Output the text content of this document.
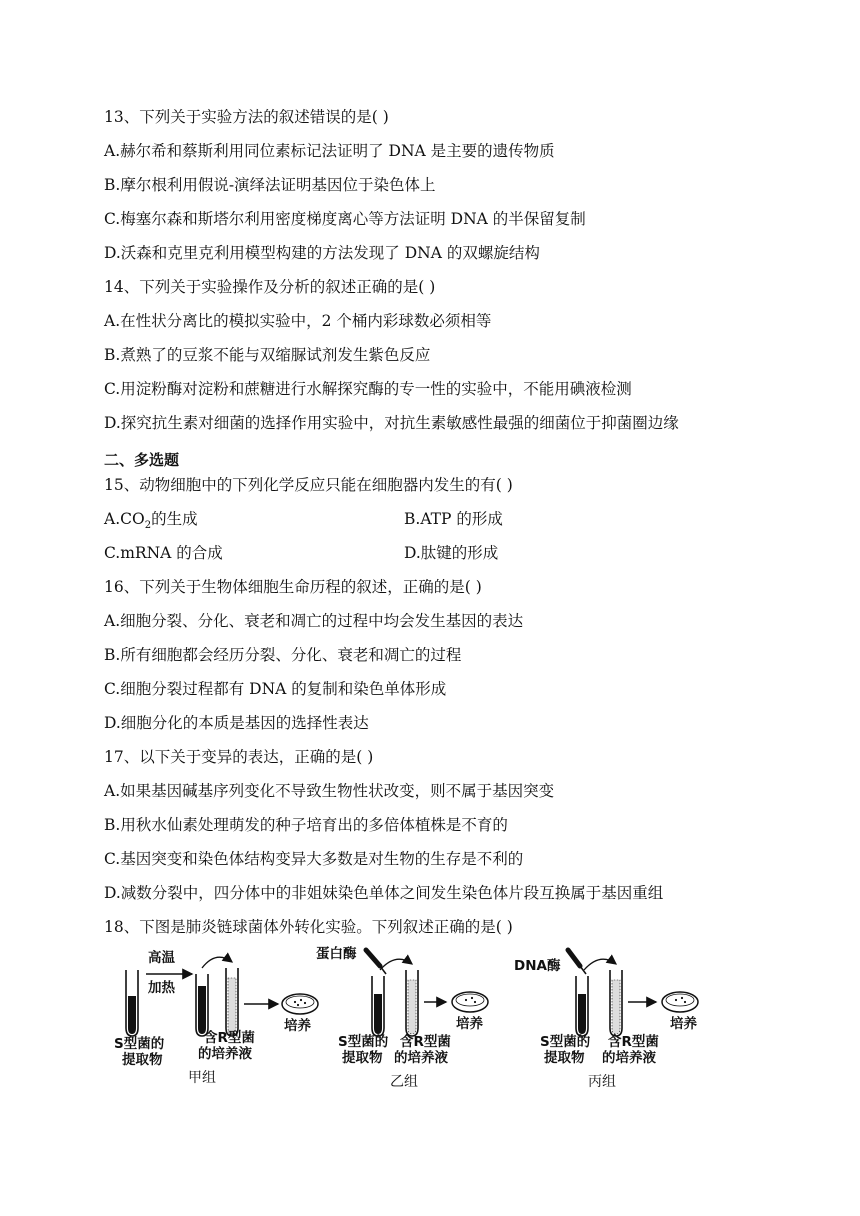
13、下列关于实验方法的叙述错误的是( )
A.赫尔希和蔡斯利用同位素标记法证明了 DNA 是主要的遗传物质
B.摩尔根利用假说-演绎法证明基因位于染色体上
C.梅塞尔森和斯塔尔利用密度梯度离心等方法证明 DNA 的半保留复制
D.沃森和克里克利用模型构建的方法发现了 DNA 的双螺旋结构
14、下列关于实验操作及分析的叙述正确的是( )
A.在性状分离比的模拟实验中，2 个桶内彩球数必须相等
B.煮熟了的豆浆不能与双缩脲试剂发生紫色反应
C.用淀粉酶对淀粉和蔗糖进行水解探究酶的专一性的实验中，不能用碘液检测
D.探究抗生素对细菌的选择作用实验中，对抗生素敏感性最强的细菌位于抑菌圈边缘
二、多选题
15、动物细胞中的下列化学反应只能在细胞器内发生的有( )
$A.CO_2$的生成	B.ATP 的形成
C.mRNA 的合成	D.肽键的形成
16、下列关于生物体细胞生命历程的叙述，正确的是( )
A.细胞分裂、分化、衰老和凋亡的过程中均会发生基因的表达
B.所有细胞都会经历分裂、分化、衰老和凋亡的过程
C.细胞分裂过程都有 DNA 的复制和染色单体形成
D.细胞分化的本质是基因的选择性表达
17、以下关于变异的表达，正确的是( )
A.如果基因碱基序列变化不导致生物性状改变，则不属于基因突变
B.用秋水仙素处理萌发的种子培育出的多倍体植株是不育的
C.基因突变和染色体结构变异大多数是对生物的生存是不利的
D.减数分裂中，四分体中的非姐妹染色单体之间发生染色体片段互换属于基因重组
18、下图是肺炎链球菌体外转化实验。下列叙述正确的是( )
高温
加热
S型菌的
提取物
含R型菌
的培养液
培养
甲组
蛋白酶
S型菌的
提取物
含R型菌
的培养液
培养
乙组
DNA酶
S型菌的
提取物
含R型菌
的培养液
培养
丙组
